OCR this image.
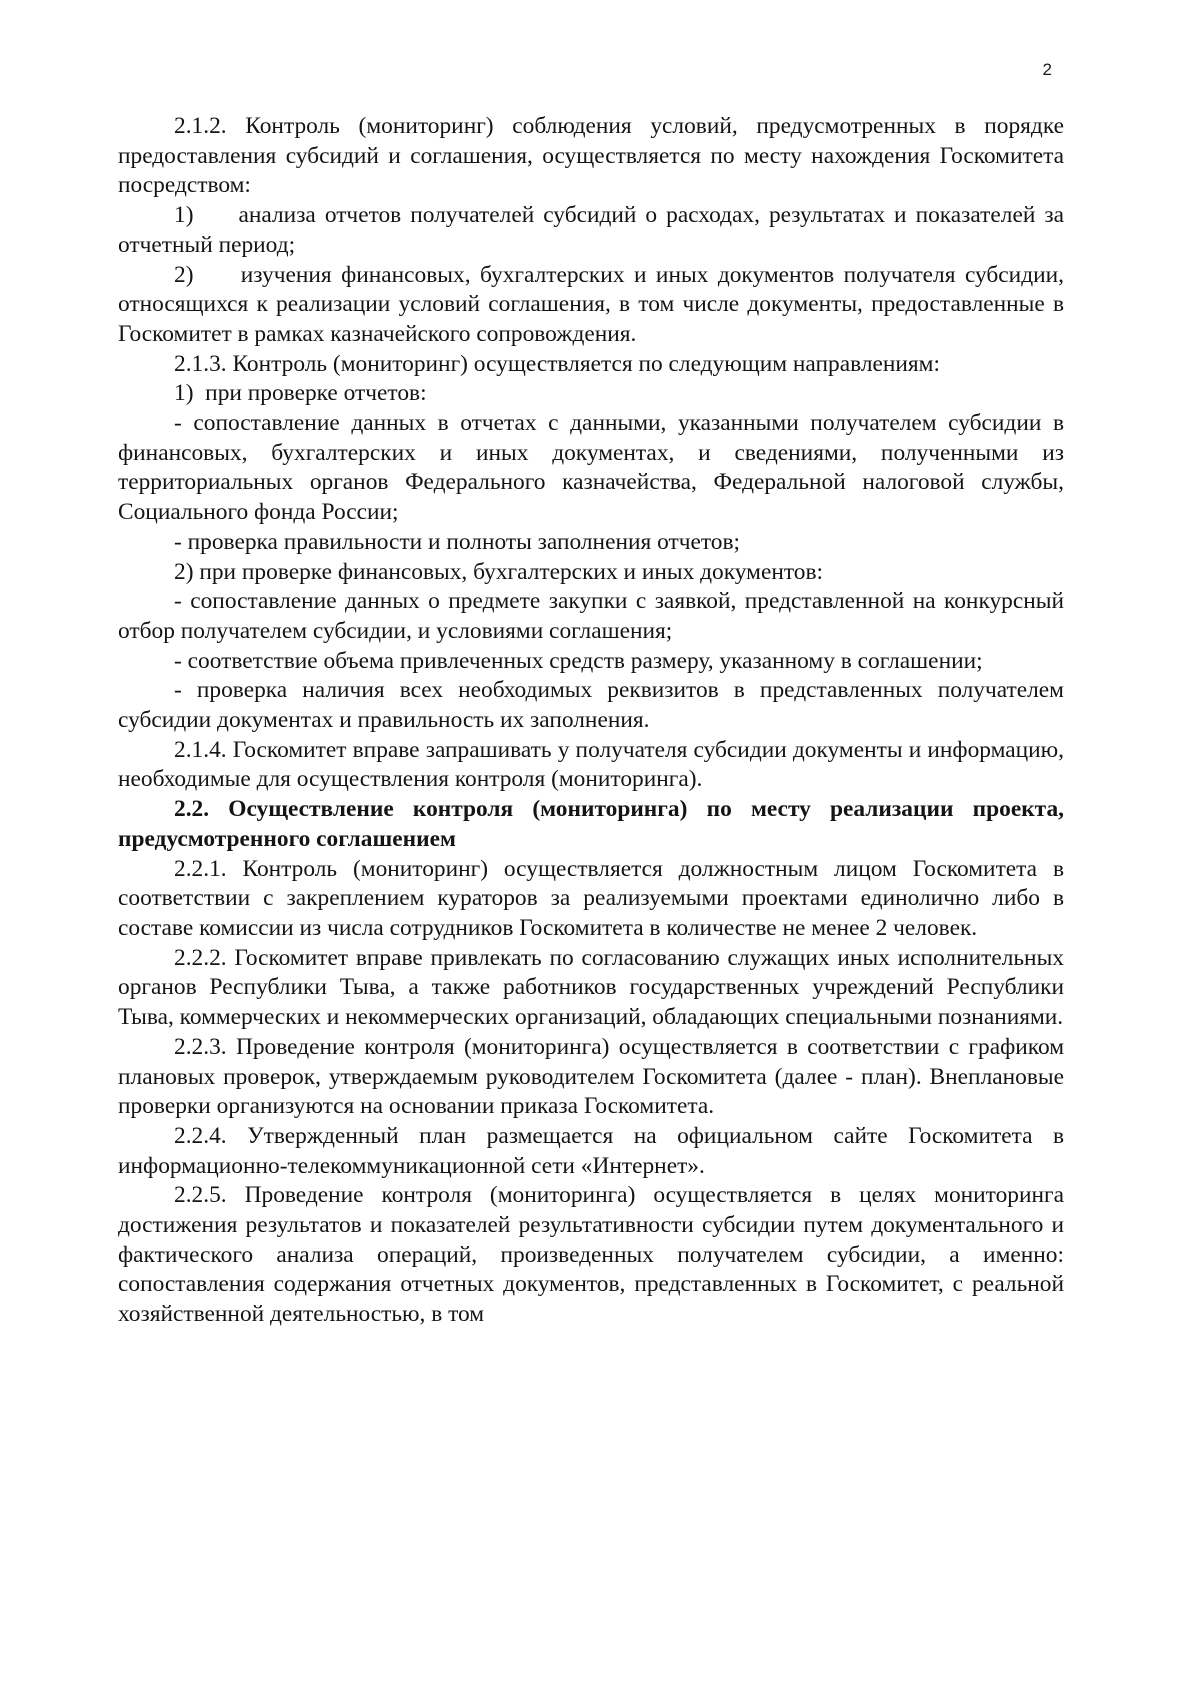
2

2.1.2. Контроль (мониторинг) соблюдения условий, предусмотренных в порядке предоставления субсидий и соглашения, осуществляется по месту нахождения Госкомитета посредством:

1)     анализа отчетов получателей субсидий о расходах, результатах и показателей за отчетный период;

2)     изучения финансовых, бухгалтерских и иных документов получателя субсидии, относящихся к реализации условий соглашения, в том числе документы, предоставленные в Госкомитет в рамках казначейского сопровождения.

2.1.3. Контроль (мониторинг) осуществляется по следующим направлениям:

1)  при проверке отчетов:

- сопоставление данных в отчетах с данными, указанными получателем субсидии в финансовых, бухгалтерских и иных документах, и сведениями, полученными из территориальных органов Федерального казначейства, Федеральной налоговой службы, Социального фонда России;

- проверка правильности и полноты заполнения отчетов;

2) при проверке финансовых, бухгалтерских и иных документов:

- сопоставление данных о предмете закупки с заявкой, представленной на конкурсный отбор получателем субсидии, и условиями соглашения;

- соответствие объема привлеченных средств размеру, указанному в соглашении;

- проверка наличия всех необходимых реквизитов в представленных получателем субсидии документах и правильность их заполнения.

2.1.4. Госкомитет вправе запрашивать у получателя субсидии документы и информацию, необходимые для осуществления контроля (мониторинга).

2.2. Осуществление контроля (мониторинга) по месту реализации проекта, предусмотренного соглашением

2.2.1. Контроль (мониторинг) осуществляется должностным лицом Госкомитета в соответствии с закреплением кураторов за реализуемыми проектами единолично либо в составе комиссии из числа сотрудников Госкомитета в количестве не менее 2 человек.

2.2.2. Госкомитет вправе привлекать по согласованию служащих иных исполнительных органов Республики Тыва, а также работников государственных учреждений Республики Тыва, коммерческих и некоммерческих организаций, обладающих специальными познаниями.

2.2.3. Проведение контроля (мониторинга) осуществляется в соответствии с графиком плановых проверок, утверждаемым руководителем Госкомитета (далее - план). Внеплановые проверки организуются на основании приказа Госкомитета.

2.2.4. Утвержденный план размещается на официальном сайте Госкомитета в информационно-телекоммуникационной сети «Интернет».

2.2.5. Проведение контроля (мониторинга) осуществляется в целях мониторинга достижения результатов и показателей результативности субсидии путем документального и фактического анализа операций, произведенных получателем субсидии, а именно: сопоставления содержания отчетных документов, представленных в Госкомитет, с реальной хозяйственной деятельностью, в том
